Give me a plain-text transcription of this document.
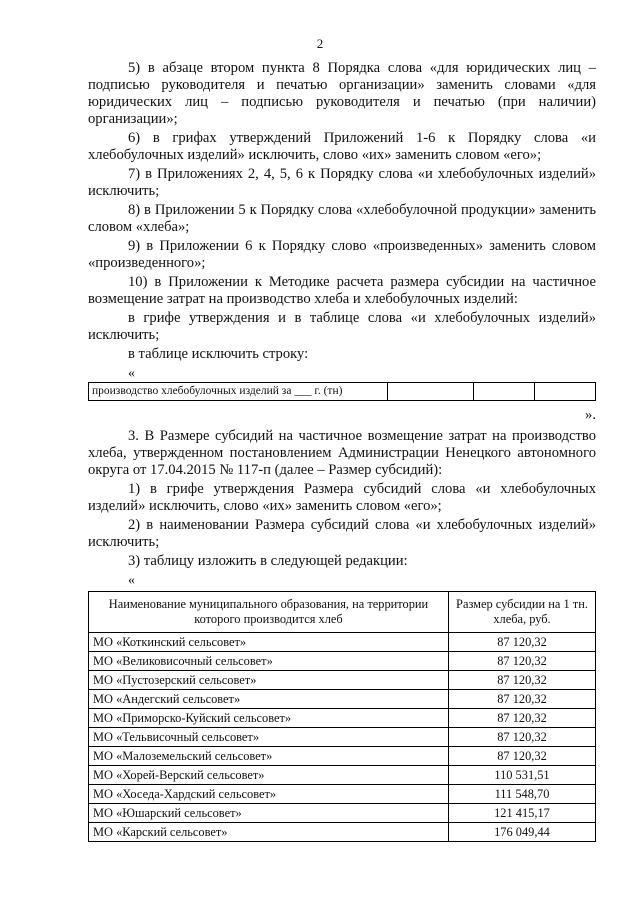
2

5) в абзаце втором пункта 8 Порядка слова «для юридических лиц – подписью руководителя и печатью организации» заменить словами «для юридических лиц – подписью руководителя и печатью (при наличии) организации»;

6) в грифах утверждений Приложений 1-6 к Порядку слова «и хлебобулочных изделий» исключить, слово «их» заменить словом «его»;

7) в Приложениях 2, 4, 5, 6 к Порядку слова «и хлебобулочных изделий» исключить;

8) в Приложении 5 к Порядку слова «хлебобулочной продукции» заменить словом «хлеба»;

9) в Приложении 6 к Порядку слово «произведенных» заменить словом «произведенного»;

10) в Приложении к Методике расчета размера субсидии на частичное возмещение затрат на производство хлеба и хлебобулочных изделий:

в грифе утверждения и в таблице слова «и хлебобулочных изделий» исключить;

в таблице исключить строку:

«
производство хлебобулочных изделий за ___ г. (тн)			
».

3. В Размере субсидий на частичное возмещение затрат на производство хлеба, утвержденном постановлением Администрации Ненецкого автономного округа от 17.04.2015 № 117-п (далее – Размер субсидий):

1) в грифе утверждения Размера субсидий слова «и хлебобулочных изделий» исключить, слово «их» заменить словом «его»;

2) в наименовании Размера субсидий слова «и хлебобулочных изделий» исключить;

3) таблицу изложить в следующей редакции:

«
Наименование муниципального образования, на территории которого производится хлеб	Размер субсидии на 1 тн. хлеба, руб.
МО «Коткинский сельсовет»	87 120,32
МО «Великовисочный сельсовет»	87 120,32
МО «Пустозерский сельсовет»	87 120,32
МО «Андегский сельсовет»	87 120,32
МО «Приморско-Куйский сельсовет»	87 120,32
МО «Тельвисочный сельсовет»	87 120,32
МО «Малоземельский сельсовет»	87 120,32
МО «Хорей-Верский сельсовет»	110 531,51
МО «Хоседа-Хардский сельсовет»	111 548,70
МО «Юшарский сельсовет»	121 415,17
МО «Карский сельсовет»	176 049,44
